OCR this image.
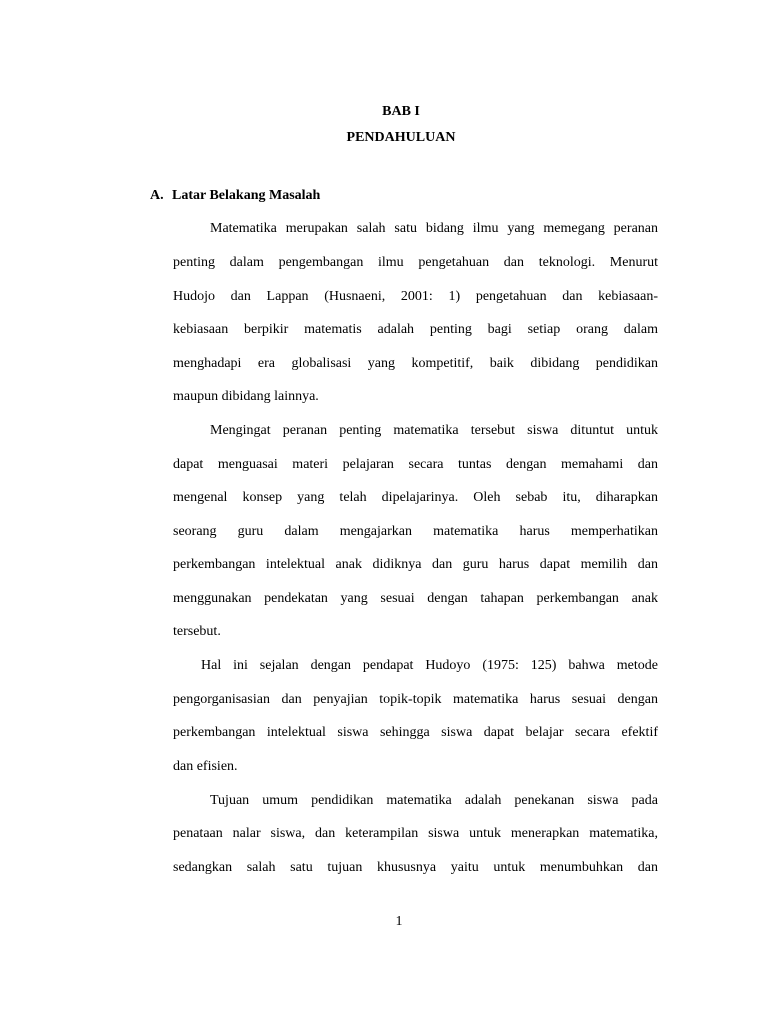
BAB I
PENDAHULUAN
A. Latar Belakang Masalah
Matematika merupakan salah satu bidang ilmu yang memegang peranan
penting dalam pengembangan ilmu pengetahuan dan teknologi. Menurut
Hudojo dan Lappan (Husnaeni, 2001: 1) pengetahuan dan kebiasaan-
kebiasaan berpikir matematis adalah penting bagi setiap orang dalam
menghadapi era globalisasi yang kompetitif, baik dibidang pendidikan
maupun dibidang lainnya.
Mengingat peranan penting matematika tersebut siswa dituntut untuk
dapat menguasai materi pelajaran secara tuntas dengan memahami dan
mengenal konsep yang telah dipelajarinya. Oleh sebab itu, diharapkan
seorang guru dalam mengajarkan matematika harus memperhatikan
perkembangan intelektual anak didiknya dan guru harus dapat memilih dan
menggunakan pendekatan yang sesuai dengan tahapan perkembangan anak
tersebut.
Hal ini sejalan dengan pendapat Hudoyo (1975: 125) bahwa metode
pengorganisasian dan penyajian topik-topik matematika harus sesuai dengan
perkembangan intelektual siswa sehingga siswa dapat belajar secara efektif
dan efisien.
Tujuan umum pendidikan matematika adalah penekanan siswa pada
penataan nalar siswa, dan keterampilan siswa untuk menerapkan matematika,
sedangkan salah satu tujuan khususnya yaitu untuk menumbuhkan dan
1
